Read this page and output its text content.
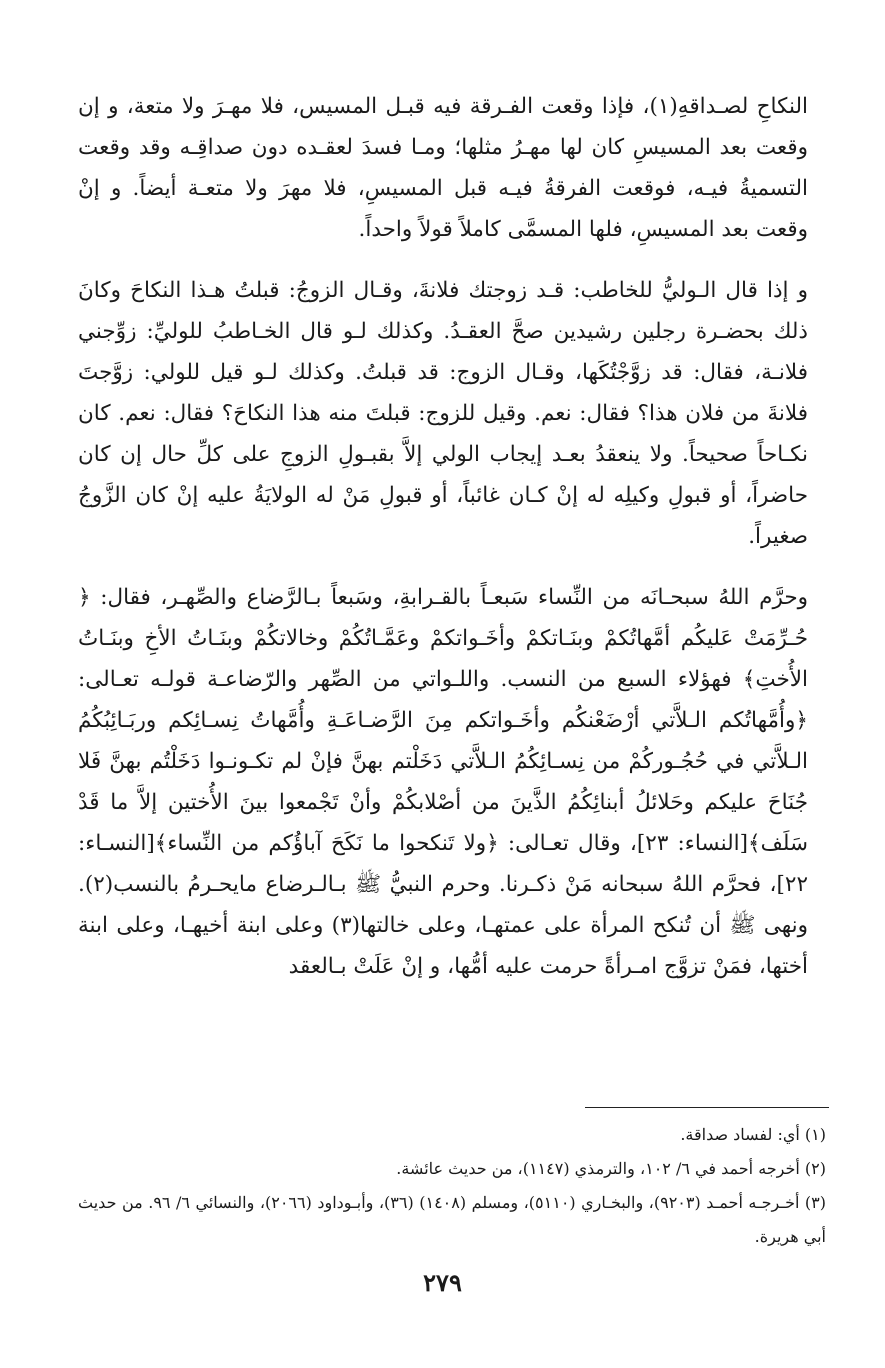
النكاحِ لصـداقهِ(١)، فإذا وقعت الفـرقة فيه قبـل المسيس، فلا مهـرَ ولا متعة، و إن وقعت بعد المسيسِ كان لها مهـرُ مثلها؛ ومـا فسدَ لعقـده دون صداقِـه وقد وقعت التسميةُ فيـه، فوقعت الفرقةُ فيـه قبل المسيسِ، فلا مهرَ ولا متعـة أيضاً. و إنْ وقعت بعد المسيسِ، فلها المسمَّى كاملاً قولاً واحداً.

و إذا قال الـوليُّ للخاطب: قـد زوجتك فلانةَ، وقـال الزوجُ: قبلتُ هـذا النكاحَ وكانَ ذلك بحضـرة رجلين رشيدين صحَّ العقـدُ. وكذلك لـو قال الخـاطبُ للوليِّ: زوِّجني فلانـة، فقال: قد زوَّجْتُكَها، وقـال الزوج: قد قبلتُ. وكذلك لـو قيل للولي: زوَّجتَ فلانةَ من فلان هذا؟ فقال: نعم. وقيل للزوج: قبلتَ منه هذا النكاحَ؟ فقال: نعم. كان نكـاحاً صحيحاً. ولا ينعقدُ بعـد إيجاب الولي إلاَّ بقبـولِ الزوجِ على كلِّ حال إن كان حاضراً، أو قبولِ وكيلِه له إنْ كـان غائباً، أو قبولِ مَنْ له الولايَةُ عليه إنْ كان الزَّوجُ صغيراً.

وحرَّم اللهُ سبحـانَه من النِّساء سَبعـاً بالقـرابةِ، وسَبعاً بـالرَّضاع والصِّهـر، فقال: ﴿ حُـرِّمَتْ عَليكُم أمَّهاتُكمْ وبنَـاتكمْ وأخَـواتكمْ وعَمَّـاتُكُمْ وخالاتكُمْ وبنَـاتُ الأخِ وبنَـاتُ الأُختِ﴾ فهؤلاء السبع من النسب. واللـواتي من الصِّهر والرّضاعـة قولـه تعـالى: ﴿وأُمَّهاتُكم الـلاَّتي أرْضَعْنكُم وأخَـواتكم مِنَ الرَّضـاعَـةِ وأُمَّهاتُ نِسـائِكم وربَـائِبُكُمُ الـلاَّتي في حُجُـوركُمْ من نِسـائِكُمُ الـلاَّتي دَخَلْتم بهنَّ فإنْ لم تكـونـوا دَخَلْتُم بهنَّ فَلا جُنَاحَ عليكم وحَلائلُ أبنائِكُمُ الذَّينَ من أصْلابكُمْ وأنْ تَجْمعوا بينَ الأُختين إلاَّ ما قَدْ سَلَف﴾[النساء: ٢٣]، وقال تعـالى: ﴿ولا تَنكحوا ما نَكَحَ آباؤُكم من النِّساء﴾[النسـاء: ٢٢]، فحرَّم اللهُ سبحانه مَنْ ذكـرنا. وحرم النبيُّ ﷺ بـالـرضاع مايحـرمُ بالنسب(٢). ونهى ﷺ أن تُنكح المرأة على عمتهـا، وعلى خالتها(٣) وعلى ابنة أخيهـا، وعلى ابنة أختها، فمَنْ تزوَّج امـرأةً حرمت عليه أمُّها، و إنْ عَلَتْ بـالعقد

(١) أي: لفساد صداقة.

(٢) أخرجه أحمد في ٦/ ١٠٢، والترمذي (١١٤٧)، من حديث عائشة.

(٣) أخـرجـه أحمـد (٩٢٠٣)، والبخـاري (٥١١٠)، ومسلم (١٤٠٨) (٣٦)، وأبـوداود (٢٠٦٦)، والنسائي ٦/ ٩٦. من حديث أبي هريرة.

٢٧٩
